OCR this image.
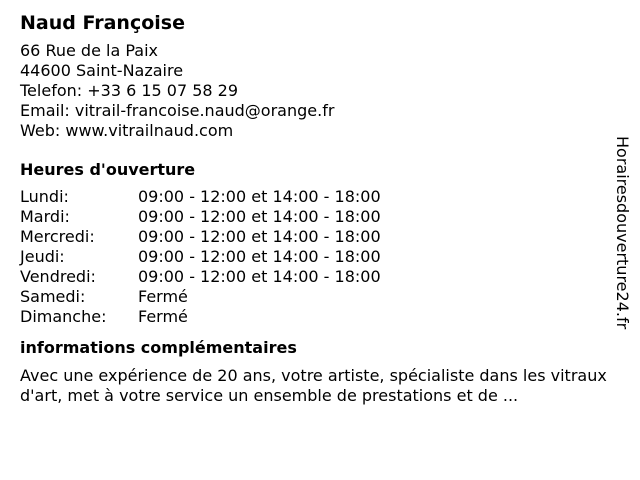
Naud Françoise
66 Rue de la Paix
44600 Saint-Nazaire
Telefon: +33 6 15 07 58 29
Email: vitrail-francoise.naud@orange.fr
Web: www.vitrailnaud.com
Heures d'ouverture
Lundi:	09:00 - 12:00 et 14:00 - 18:00
Mardi:	09:00 - 12:00 et 14:00 - 18:00
Mercredi:	09:00 - 12:00 et 14:00 - 18:00
Jeudi:	09:00 - 12:00 et 14:00 - 18:00
Vendredi:	09:00 - 12:00 et 14:00 - 18:00
Samedi:	Fermé
Dimanche:	Fermé
informations complémentaires
Avec une expérience de 20 ans, votre artiste, spécialiste dans les vitraux d'art, met à votre service un ensemble de prestations et de ...
Horairesdouverture24.fr
